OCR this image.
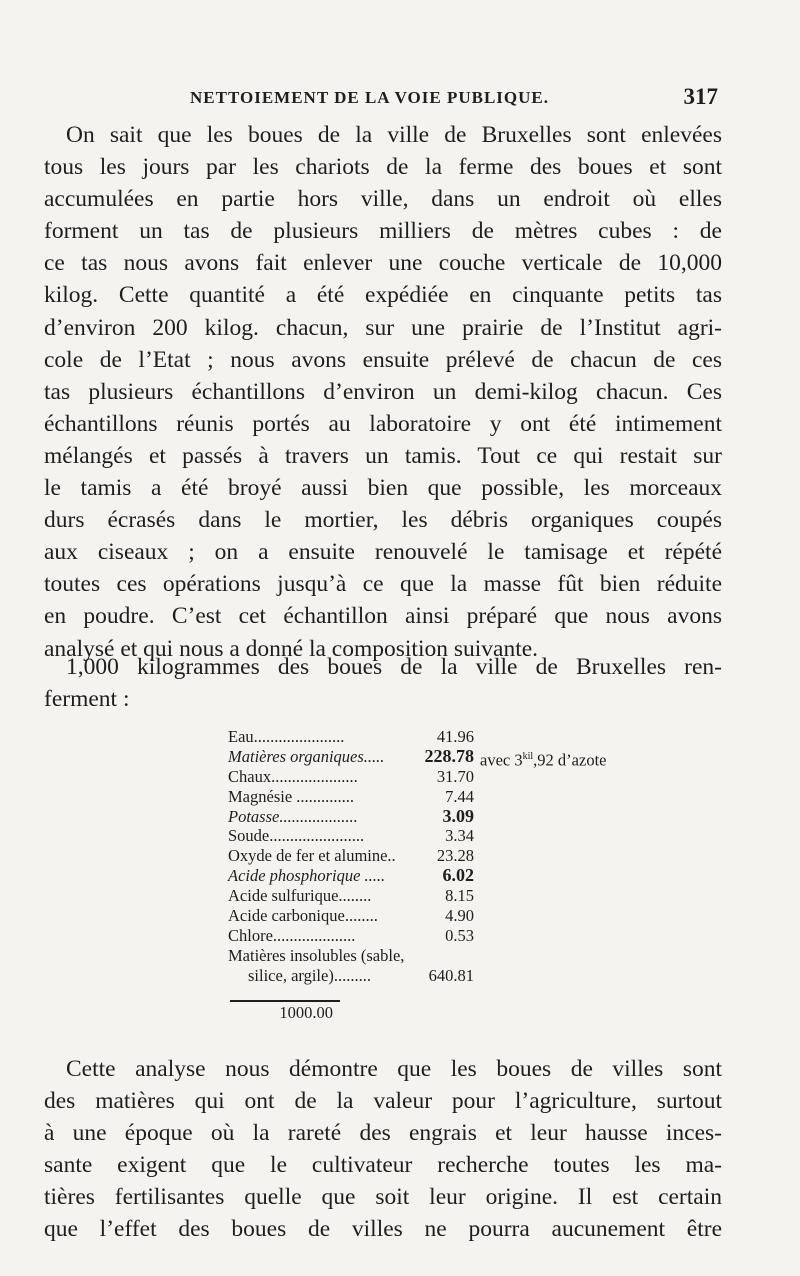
NETTOIEMENT DE LA VOIE PUBLIQUE.	317

On sait que les boues de la ville de Bruxelles sont enlevées
tous les jours par les chariots de la ferme des boues et sont
accumulées en partie hors ville, dans un endroit où elles
forment un tas de plusieurs milliers de mètres cubes : de
ce tas nous avons fait enlever une couche verticale de 10,000
kilog. Cette quantité a été expédiée en cinquante petits tas
d’environ 200 kilog. chacun, sur une prairie de l’Institut agri-
cole de l’Etat ; nous avons ensuite prélevé de chacun de ces
tas plusieurs échantillons d’environ un demi-kilog chacun. Ces
échantillons réunis portés au laboratoire y ont été intimement
mélangés et passés à travers un tamis. Tout ce qui restait sur
le tamis a été broyé aussi bien que possible, les morceaux
durs écrasés dans le mortier, les débris organiques coupés
aux ciseaux ; on a ensuite renouvelé le tamisage et répété
toutes ces opérations jusqu’à ce que la masse fût bien réduite
en poudre. C’est cet échantillon ainsi préparé que nous avons
analysé et qui nous a donné la composition suivante.

1,000 kilogrammes des boues de la ville de Bruxelles ren-
ferment :

Eau......................	41.96
Matières organiques..... 228.78 avec $3^{kil},92$ d’azote
Chaux.....................	31.70
Magnésie ..............	7.44
Potasse...................	3.09
Soude.......................	3.34
Oxyde de fer et alumine.. 23.28
Acide phosphorique .....	6.02
Acide sulfurique........	8.15
Acide carbonique........	4.90
Chlore....................	0.53
Matières insolubles (sable,
silice, argile).........	640.81
1000.00

Cette analyse nous démontre que les boues de villes sont
des matières qui ont de la valeur pour l’agriculture, surtout
à une époque où la rareté des engrais et leur hausse inces-
sante exigent que le cultivateur recherche toutes les ma-
tières fertilisantes quelle que soit leur origine. Il est certain
que l’effet des boues de villes ne pourra aucunement être
